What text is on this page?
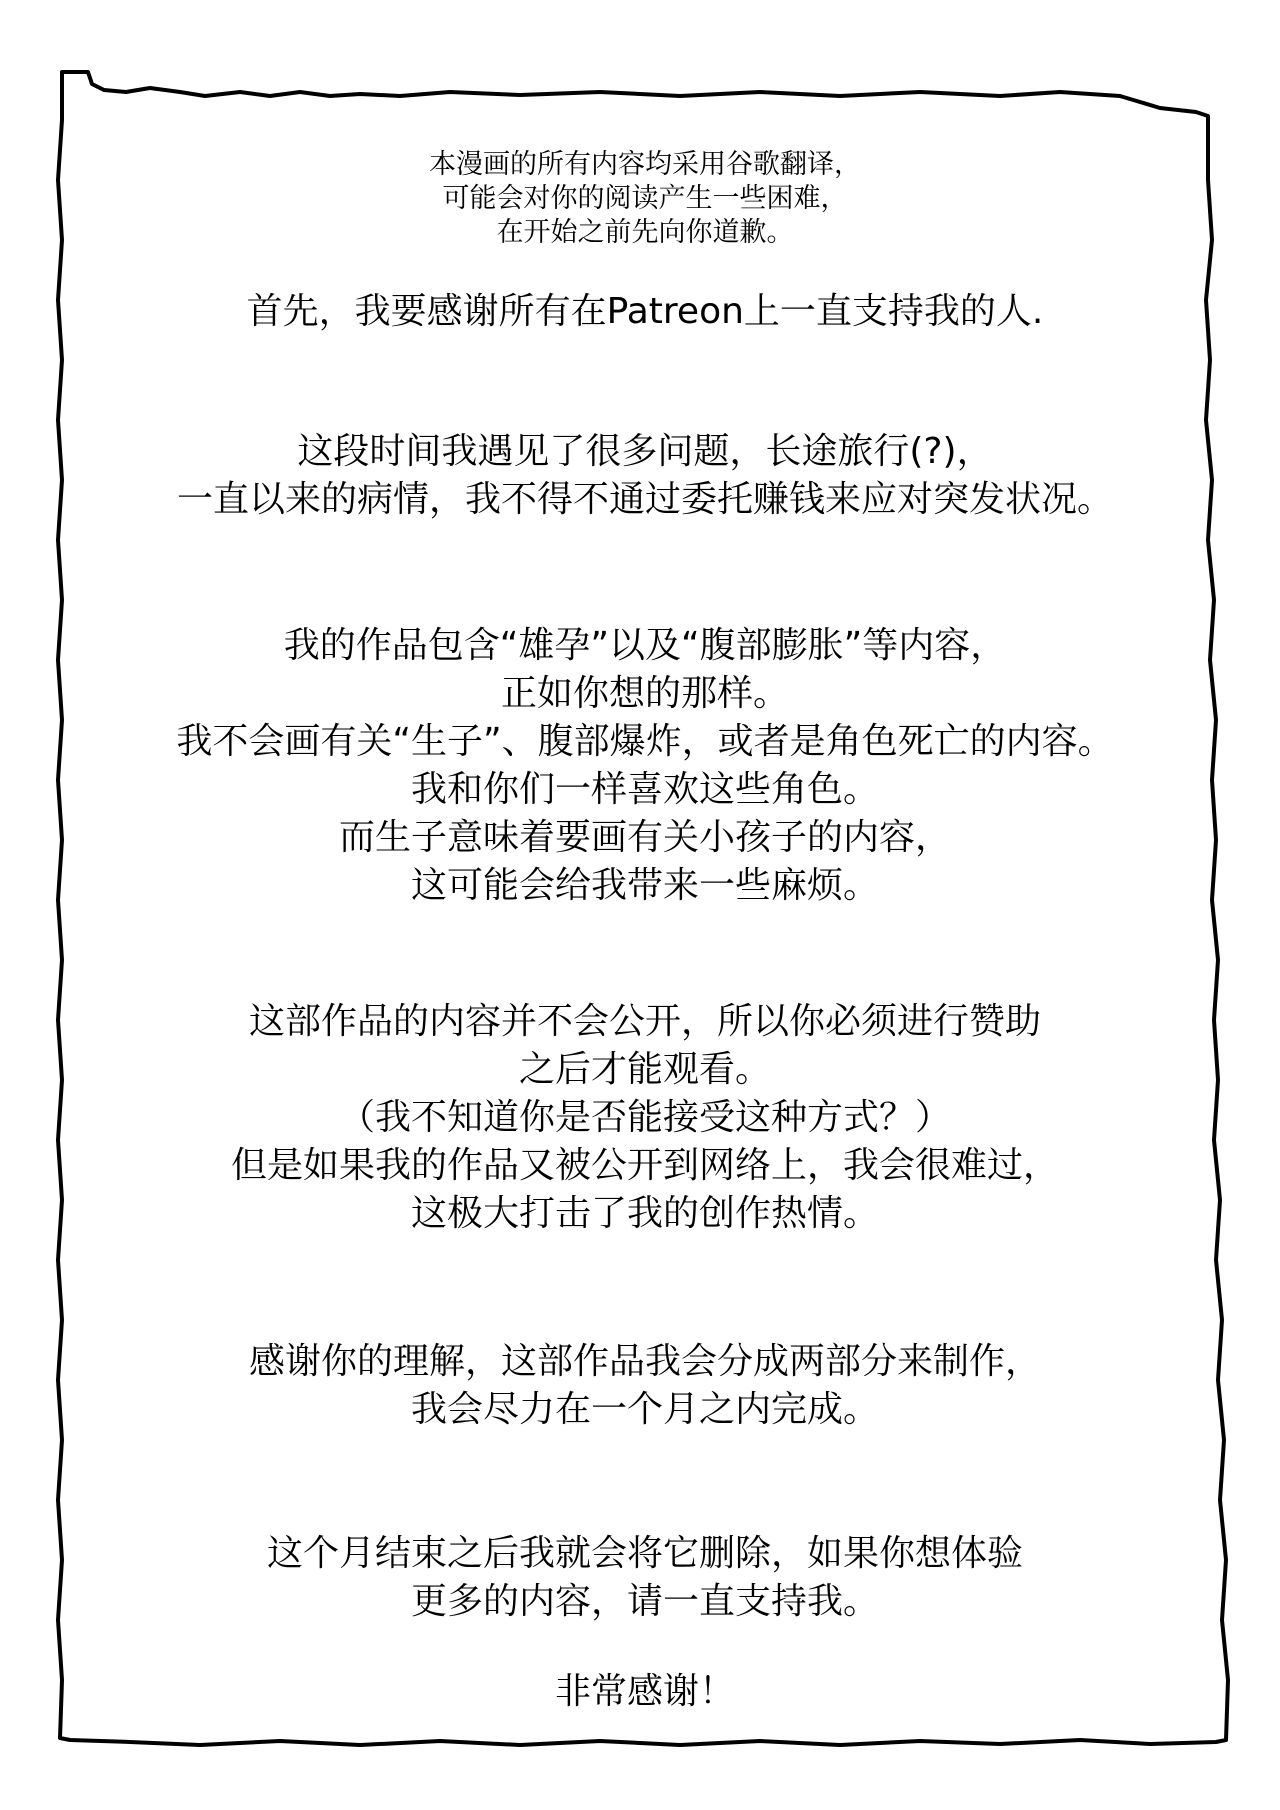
本漫画的所有内容均采用谷歌翻译，
可能会对你的阅读产生一些困难，
在开始之前先向你道歉。
首先，我要感谢所有在Patreon上一直支持我的人.
这段时间我遇见了很多问题，长途旅行(?)，
一直以来的病情，我不得不通过委托赚钱来应对突发状况。
我的作品包含“雄孕”以及“腹部膨胀”等内容，
正如你想的那样。
我不会画有关“生子”、腹部爆炸，或者是角色死亡的内容。
我和你们一样喜欢这些角色。
而生子意味着要画有关小孩子的内容，
这可能会给我带来一些麻烦。
这部作品的内容并不会公开，所以你必须进行赞助
之后才能观看。
（我不知道你是否能接受这种方式？）
但是如果我的作品又被公开到网络上，我会很难过，
这极大打击了我的创作热情。
感谢你的理解，这部作品我会分成两部分来制作，
我会尽力在一个月之内完成。
这个月结束之后我就会将它删除，如果你想体验
更多的内容，请一直支持我。
非常感谢！
